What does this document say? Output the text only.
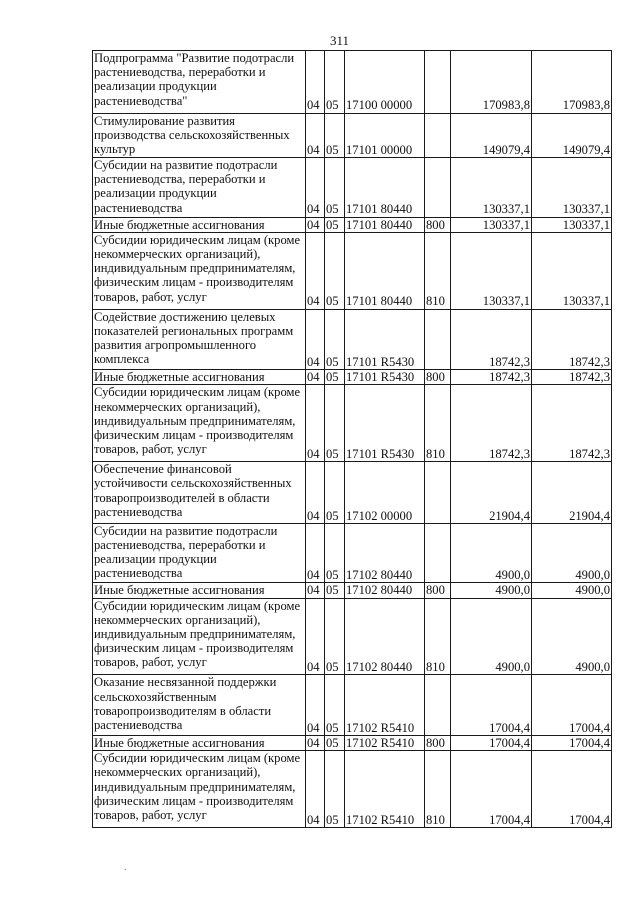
311
Подпрограмма "Развитие подотрасли растениеводства, переработки и реализации продукции растениеводства"	04	05	17100 00000		170983,8	170983,8
Стимулирование развития производства сельскохозяйственных культур	04	05	17101 00000		149079,4	149079,4
Субсидии на развитие подотрасли растениеводства, переработки и реализации продукции растениеводства	04	05	17101 80440		130337,1	130337,1
Иные бюджетные ассигнования	04	05	17101 80440	800	130337,1	130337,1
Субсидии юридическим лицам (кроме некоммерческих организаций), индивидуальным предпринимателям, физическим лицам - производителям товаров, работ, услуг	04	05	17101 80440	810	130337,1	130337,1
Содействие достижению целевых показателей региональных программ развития агропромышленного комплекса	04	05	17101 R5430		18742,3	18742,3
Иные бюджетные ассигнования	04	05	17101 R5430	800	18742,3	18742,3
Субсидии юридическим лицам (кроме некоммерческих организаций), индивидуальным предпринимателям, физическим лицам - производителям товаров, работ, услуг	04	05	17101 R5430	810	18742,3	18742,3
Обеспечение финансовой устойчивости сельскохозяйственных товаропроизводителей в области растениеводства	04	05	17102 00000		21904,4	21904,4
Субсидии на развитие подотрасли растениеводства, переработки и реализации продукции растениеводства	04	05	17102 80440		4900,0	4900,0
Иные бюджетные ассигнования	04	05	17102 80440	800	4900,0	4900,0
Субсидии юридическим лицам (кроме некоммерческих организаций), индивидуальным предпринимателям, физическим лицам - производителям товаров, работ, услуг	04	05	17102 80440	810	4900,0	4900,0
Оказание несвязанной поддержки сельскохозяйственным товаропроизводителям в области растениеводства	04	05	17102 R5410		17004,4	17004,4
Иные бюджетные ассигнования	04	05	17102 R5410	800	17004,4	17004,4
Субсидии юридическим лицам (кроме некоммерческих организаций), индивидуальным предпринимателям, физическим лицам - производителям товаров, работ, услуг	04	05	17102 R5410	810	17004,4	17004,4
.
